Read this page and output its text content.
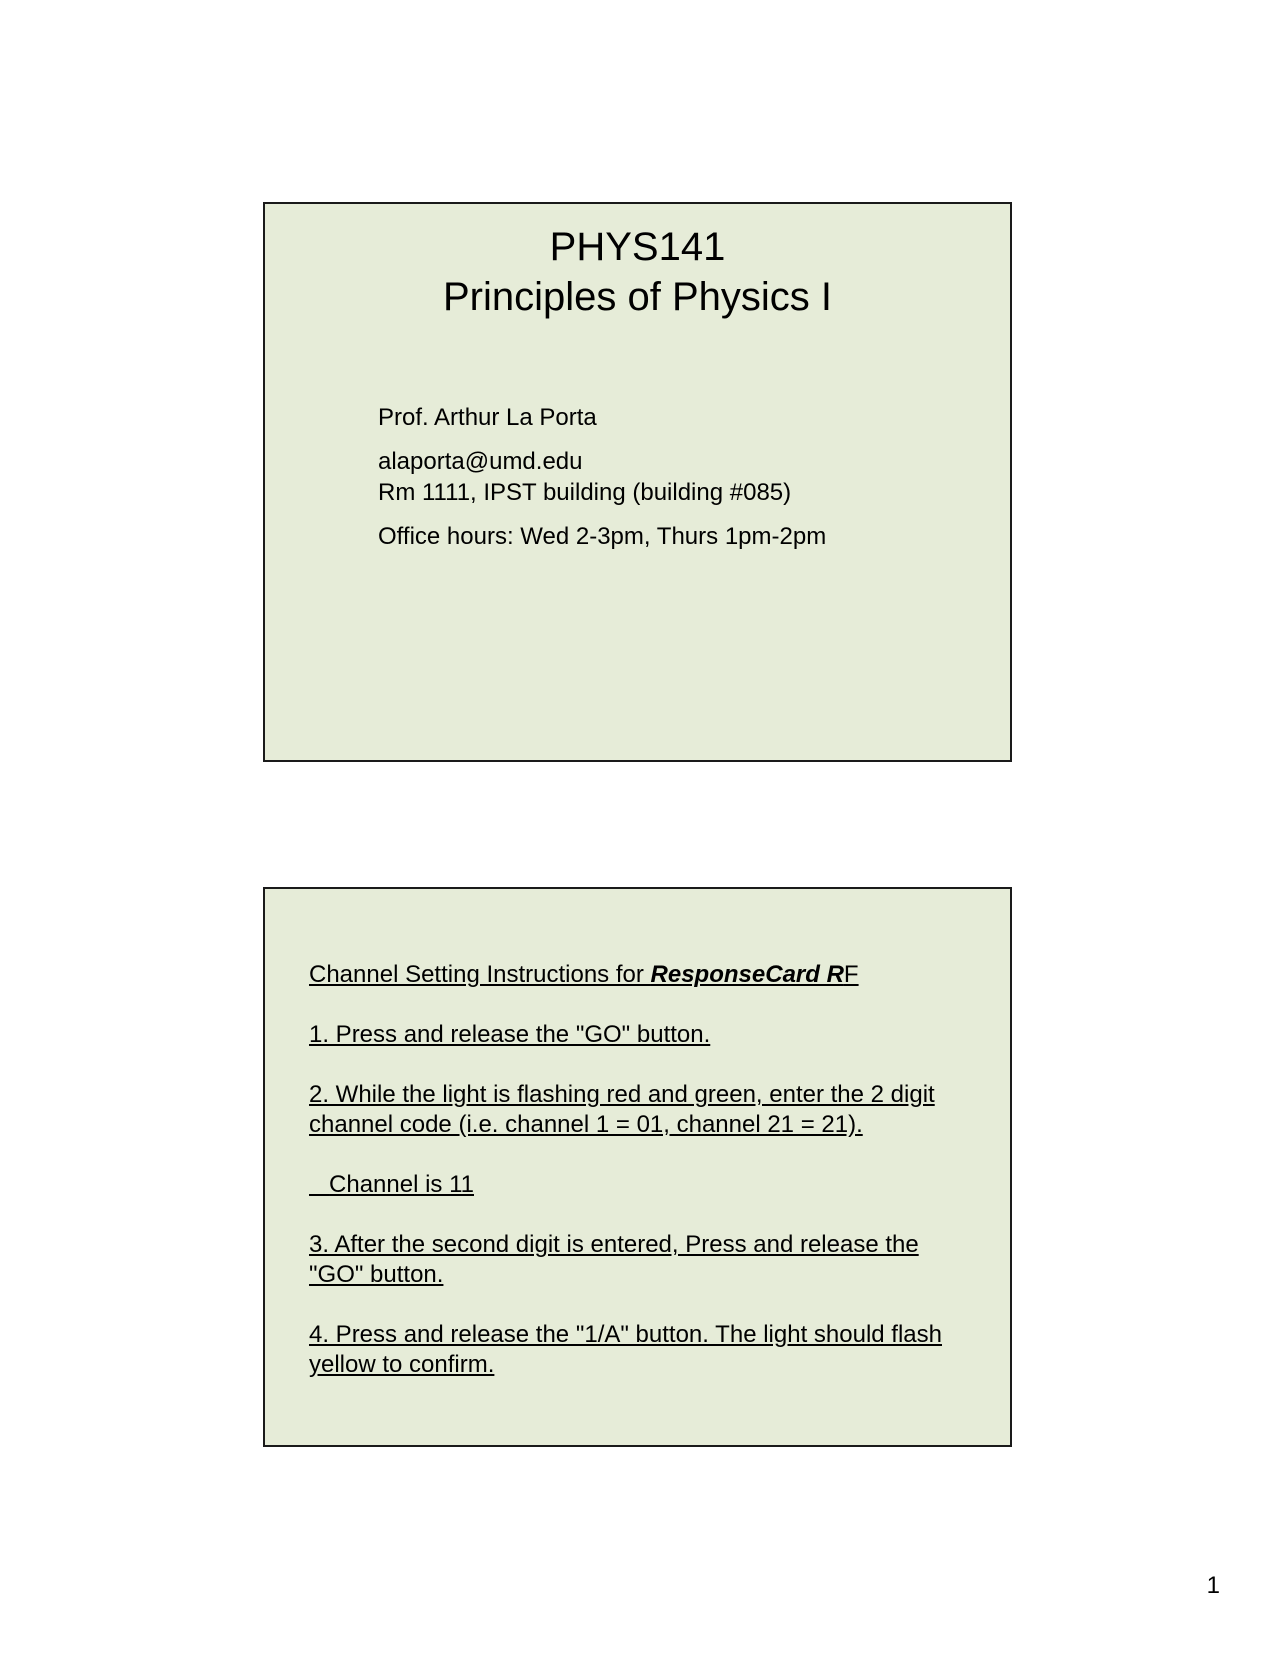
PHYS141
Principles of Physics I
Prof. Arthur La Porta
alaporta@umd.edu
Rm 1111, IPST building (building #085)
Office hours: Wed 2-3pm, Thurs 1pm-2pm

Channel Setting Instructions for ResponseCard RF

1. Press and release the "GO" button.

2. While the light is flashing red and green, enter the 2 digit channel code (i.e. channel 1 = 01, channel 21 = 21).

Channel is 11

3. After the second digit is entered, Press and release the "GO" button.

4. Press and release the "1/A" button. The light should flash yellow to confirm.

1
